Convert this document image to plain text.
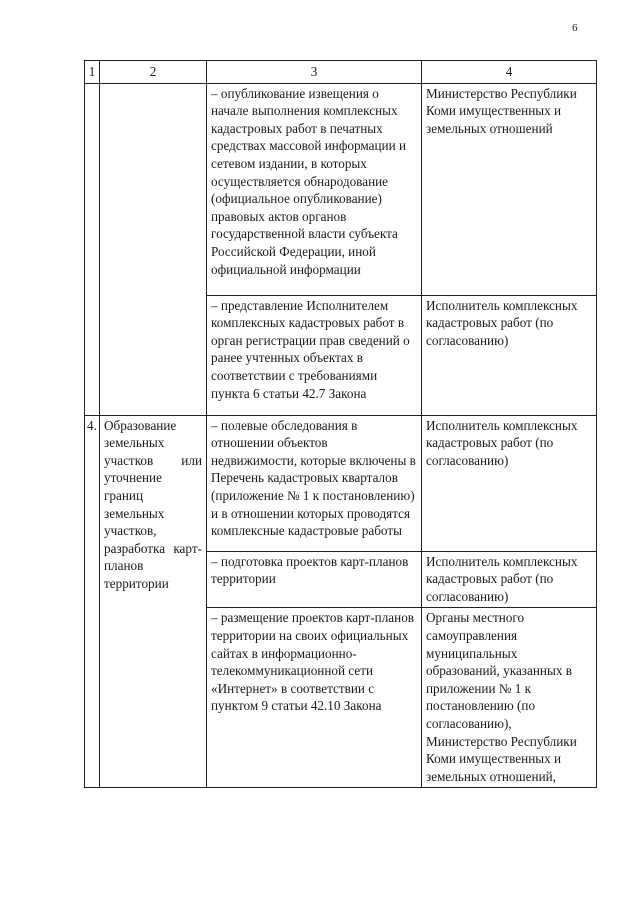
6
1	2	3	4

		– опубликование извещения о начале выполнения комплексных кадастровых работ в печатных средствах массовой информации и сетевом издании, в которых осуществляется обнародование (официальное опубликование) правовых актов органов государственной власти субъекта Российской Федерации, иной официальной информации	Министерство Республики Коми имущественных и земельных отношений

		– представление Исполнителем комплексных кадастровых работ в орган регистрации прав сведений о ранее учтенных объектах в соответствии с требованиями пункта 6 статьи 42.7 Закона	Исполнитель комплексных кадастровых работ (по согласованию)

4.	Образование земельных участков или уточнение границ земельных участков, разработка карт-планов территории	– полевые обследования в отношении объектов недвижимости, которые включены в Перечень кадастровых кварталов (приложение № 1 к постановлению) и в отношении которых проводятся комплексные кадастровые работы	Исполнитель комплексных кадастровых работ (по согласованию)

		– подготовка проектов карт-планов территории	Исполнитель комплексных кадастровых работ (по согласованию)

		– размещение проектов карт-планов территории на своих официальных сайтах в информационно-телекоммуникационной сети «Интернет» в соответствии с пунктом 9 статьи 42.10 Закона	Органы местного самоуправления муниципальных образований, указанных в приложении № 1 к постановлению (по согласованию), Министерство Республики Коми имущественных и земельных отношений,
